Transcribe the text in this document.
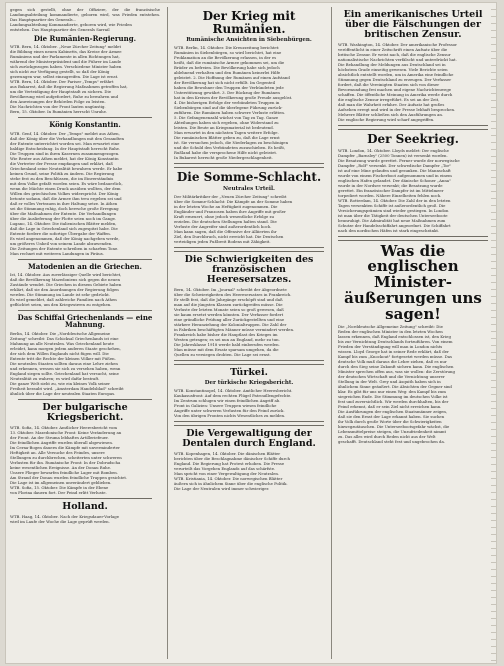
gegen sich gestellt, ohne der Offiziere, der die französische Landungsabteilung kommandierte, geboren wird, was Frieden entstehen. Das Hauptquartier des Generals...

Landungsabteilung Kommandierte, geboren wird, wie Frieden
entstehen. Das Hauptquartier des Generals Sarrail
Die Rumänien-Regierung.
WTB. Bern, 14. Oktober. „Neue Zürcher Zeitung" meldet
die Bildung eines neuen Kabinetts, das Kreise der Armee
Rumäniens und der Parlamente in allen Richtungen hat,
während der Ministerpräsident und die Führer im Lande
sich zurückgezogen haben. Verschiedene Minister haben
sich nicht zur Verfügung gestellt, so daß der König
gezwungen war, selbst einzugreifen. Die Lage ist ernst.
WTB. Bern, 14. Oktober. Der Pariser „Temps" erfährt
aus Bukarest, daß die Regierung Maßnahmen getroffen hat,
um die Verteidigung der Hauptstadt zu sichern. Die
Bevölkerung wird aufgefordert, Ruhe zu bewahren und
den Anweisungen der Behörden Folge zu leisten.
Die Nachrichten von der Front lauten ungünstig.
Bern, 15. Oktober. In Rumänien herrscht Unruhe.
König Konstantin.
WTB. Genf, 14. Oktober. Der „Temps" meldet aus Athen,
daß der König über die Verhandlungen mit den Gesandten
der Entente unterrichtet worden sei. Man erwartet eine
baldige Entscheidung. In der Hauptstadt herrscht Ruhe.
Die Truppen sind in ihren Kasernen zusammengezogen.
Wie Reuter aus Athen meldet, hat der König Konstantin
die Vertreter der Presse empfangen und erklärt, daß
Griechenland seine Neutralität bewahren werde. Er habe
keinen Grund, seine Politik zu ändern. Die Regierung
stehe fest zu den Beschlüssen, die im Einverständnis
mit dem Volke gefaßt worden seien. Es wäre bedauerlich,
wenn die Mächte einen Druck ausüben wollten, der dem
Willen des griechischen Volkes widerspricht. Der König
betonte sodann, daß die Armee ihm treu ergeben sei und
daß er volles Vertrauen in ihre Haltung setze. In Athen
sei die Stimmung ruhig, doch herrsche große Erregung
über die Maßnahmen der Entente. Die Verhandlungen
über die Auslieferung der Flotte seien noch im Gange.
Lugano, 14. Oktober. Die italienischen Blätter melden,
daß die Lage in Griechenland sich zugespitzt habe. Die
Entente fordere die sofortige Übergabe der Waffen.
Es wird angenommen, daß der König nachgeben werde,
um größeres Unheil von seinem Lande abzuwenden.
Die Zeitungen der Entente schreiben in scharfem Tone.
Man rechnet mit weiteren Landungen in Piräus.
Matodenien an die Griechen.
Ist, 14. Oktober. Aus zuverlässiger Quelle wird berichtet,
daß die Bevölkerung Mazedoniens sich gegen die neuen
Zustände wendet. Die Griechen in diesem Gebiete haben
erklärt, daß sie den Anordnungen der Regierung folgen
werden. Die Stimmung im Lande ist sehr gedrückt.
Es wird gemeldet, daß zahlreiche Familien nach Athen
geflüchtet seien, um den Kriegswirren zu entgehen.
Das Schiffal Griechenlands — eine Mahnung.
Berlin, 14. Oktober. Die „Norddeutsche Allgemeine
Zeitung" schreibt: Das Schicksal Griechenlands ist eine
Mahnung an alle Neutralen. Was Griechenland heute
erleidet, kann morgen jedem anderen Staate geschehen,
der sich dem Willen Englands nicht fügen will. Die
Entente tritt die Rechte der kleinen Völker mit Füßen.
Die neutralen Staaten sollten daraus eine Lehre ziehen
und erkennen, wessen sie sich zu versehen haben, wenn
England siegen sollte. Griechenland hat versucht, seine
Neutralität zu wahren; es wird dafür bestraft.
Die ganze Welt sieht zu, wie ein kleines Volk seiner
Freiheit beraubt wird. „Amsterdam Handelsblad" schreibt
ähnlich über die Lage der neutralen Staaten Europas.
Der bulgarische Kriegsbericht.
WTB. Sofia, 14. Oktober. Amtlicher Heeresbericht vom
13. Oktober. Mazedonische Front: Keine Veränderung an
der Front. An der Struma lebhaftes Artilleriefeuer.
Die feindlichen Angriffe wurden überall abgewiesen.
Im Cerna-Bogen dauern die Kämpfe mit unverminderter
Heftigkeit an. Alle Versuche des Feindes, unsere
Stellungen zu durchbrechen, scheiterten unter schweren
Verlusten für ihn. Rumänische Front: In der Dobrudscha
keine wesentlichen Ereignisse. An der Donau Ruhe.
Unsere Flieger bewarfen feindliche Lager mit Bomben.
Am Strand der Donau wurden feindliche Truppen gesichtet.
Die Lage ist im allgemeinen unverändert geblieben.
WTB. Sofia, 15. Oktober. Die Kämpfe in der Ebene
von Florina dauern fort. Der Feind erlitt Verluste.
Holland.
WTB. Haag, 14. Oktober. Nach der Kriegsdauer-Vorlage
wird im Laufe der Woche die Lage geprüft werden.
Der Krieg mit Rumänien.
Rumänische Ansichten in Siebenbürgen.
WTB. Berlin, 14. Oktober. Die Kreuzzeitung berichtet:
Rumänien in Siebenbürgen, so wird berichtet, hat eine
Proklamation an die Bevölkerung erlassen, in der es
heißt, daß die rumänische Armee gekommen sei, um die
Brüder zu befreien. Die Bevölkerung habe sich jedoch
ablehnend verhalten und den Rumänen keinerlei Hilfe
geleistet. 2. Die Hoffnung der Rumänen auf einen Aufstand
der Bevölkerung hat sich nicht erfüllt. Im Gegenteil
haben die Bewohner den Truppen der Verbündeten jede
Unterstützung gewährt. 3. Der Rückzug der Rumänen
hat in den Kreisen der Bevölkerung große Freude ausgelöst.
4. Die bisherigen Erfolge der verbündeten Truppen in
Siebenbürgen sind auf die überlegene Führung zurück-
zuführen. Die Rumänen haben schwere Verluste erlitten.
5. Die Gefangenenzahl wächst von Tag zu Tag. Ganze
Abteilungen haben sich ergeben, ohne Widerstand zu
leisten. Die Beute an Kriegsmaterial ist bedeutend.
Man erwartet in den nächsten Tagen weitere Erfolge.
Die rumänischen Blätter geben zu, daß die Lage ernst
ist. Sie versuchen jedoch, die Niederlagen zu beschönigen
und die Schuld den Verbündeten zuzuschieben. Es heißt,
Rußland habe die versprochene Hilfe nicht geleistet.
In Bukarest herrscht große Niedergeschlagenheit.
Die Somme-Schlacht.
Neutrales Urteil.
Der Militärkritiker der „Neuen Zürcher Zeitung" schreibt
über die Somme-Schlacht: Die Kämpfe an der Somme haben
in der letzten Woche an Heftigkeit zugenommen. Die
Engländer und Franzosen haben ihre Angriffe mit großer
Kraft erneuert, ohne jedoch wesentliche Erfolge zu
erzielen. Die deutschen Stellungen halten stand. Die
Verluste der Angreifer sind außerordentlich hoch.
Man kann sagen, daß die Offensive der Alliierten ihr
Ziel, den Durchbruch, nicht erreicht hat. Die Deutschen
verteidigen jeden Fußbreit Bodens mit Zähigkeit.
Die Schwierigkeiten des französischen Heeresersatzes.
Bern, 14. Oktober. Im „Journal" schreibt der Abgeordnete
über die Schwierigkeiten des Heeresersatzes in Frankreich.
Er stellt fest, daß die Jahrgänge erschöpft sind und daß
man auf die jüngsten Klassen zurückgreifen müsse. Die
Verluste der letzten Monate seien so groß gewesen, daß
sie kaum ersetzt werden könnten. Der Verfasser fordert
eine gründliche Prüfung aller Zurückgestellten und eine
stärkere Heranziehung der Kolonialtruppen. Die Zahl der
in Fabriken beschäftigten Männer müsse vermindert werden.
Frankreich habe bisher die Hauptlast des Krieges im
Westen getragen; es sei nun an England, mehr zu tun.
Die Jahresklasse 1918 werde bald einberufen werden.
Man müsse mit dem Ersatz sparsam umgehen, da die
Quellen zu versiegen drohten. Die Lage sei ernst.
Türkei.
Der türkische Kriegsbericht.
WTB. Konstantinopel, 14. Oktober. Amtlicher Heeresbericht.
Kaukasusfront: Auf dem rechten Flügel Patrouillengefechte.
Im Zentrum schlugen wir einen feindlichen Angriff ab.
Front in Galizien: Unsere Truppen wiesen feindliche
Angriffe unter schweren Verlusten für den Feind zurück.
Von den übrigen Fronten nichts Wesentliches zu melden.
Die Vergewaltigung der Dentalen durch England.
WTB. Kopenhagen, 14. Oktober. Die dänischen Blätter
berichten über die Beschlagnahme dänischer Schiffe durch
England. Die Regierung hat Protest erhoben. Die Presse
verurteilt das Vorgehen Englands auf das schärfste.
Man spricht von einer Vergewaltigung der Neutralen.
WTB. Kristiania, 14. Oktober. Die norwegischen Blätter
äußern sich in ähnlichem Sinne über die englische Politik.
Die Lage der Neutralen wird immer schwieriger.
Ein amerikanisches Urteil über die Fälschungen der britischen Zensur.
WTB. Washington, 14. Oktober. Der amerikanische Professor
veröffentlicht in einer Zeitschrift einen Aufsatz über die
britische Zensur. Er weist nach, daß die englische Zensur
nationalistische Nachrichten verfälscht und unterdrückt hat.
Die Behandlung der Meldungen aus Deutschland sei in
höchstem Grade einseitig gewesen. Viele Berichte seien
absichtlich entstellt worden, um in Amerika eine feindliche
Stimmung gegen Deutschland zu erzeugen. Der Verfasser
fordert, daß die Vereinigten Staaten sich von dieser
Bevormundung frei machen und eigene Nachrichtenwege
schaffen. Die öffentliche Meinung in Amerika werde durch
die englische Zensur irregeführt. Es sei an der Zeit,
daß man die Wahrheit erfahre. Der Aufsatz hat großes
Aufsehen erregt und wird in der Presse lebhaft besprochen.
Mehrere Blätter schließen sich den Ausführungen an.
Die englische Regierung wird scharf angegriffen.
Der Seekrieg.
WTB. London, 14. Oktober. Lloyds meldet: Der englische
Dampfer „Barnsley" (2500 Tonnen) ist versenkt worden.
Die Besatzung wurde gerettet. Ferner wurde der norwegische
Dampfer „Rolf" versenkt. Der schwedische Dampfer „Tor"
ist auf eine Mine gelaufen und gesunken. Die Mannschaft
wurde von einem Fischerboot aufgenommen und in einem
englischen Hafen gelandet. Der dänische Schoner „Anna"
wurde in der Nordsee versenkt; die Besatzung wurde
gerettet. Ein französischer Dampfer ist im Mittelmeer
torpediert worden. Nähere Einzelheiten fehlen noch.
WTB. Rotterdam, 14. Oktober. Die Zahl der in den letzten
Tagen versenkten Schiffe ist außerordentlich groß. Die
Versicherungsprämien sind wieder gestiegen. In London
ist man über die Tätigkeit der deutschen Unterseeboote
beunruhigt. Die Admiralität hat neue Maßnahmen zum
Schutze der Handelsschiffahrt angeordnet. Die Schiffahrt
nach den nordischen Häfen ist stark eingeschränkt.
Was die englischen Minister-äußerungen uns sagen!
Die „Norddeutsche Allgemeine Zeitung" schreibt: Die
Reden der englischen Minister in den letzten Wochen
lassen erkennen, daß England entschlossen ist, den Krieg
bis zur Vernichtung Deutschlands fortzuführen. Von einem
Frieden der Verständigung will man in London nichts
wissen. Lloyd George hat in seiner Rede erklärt, daß der
Kampf bis zum „Knockout" fortgesetzt werden müsse. Das
deutsche Volk muß daraus die Lehre ziehen, daß es nur
durch den Sieg seine Zukunft sichern kann. Die englischen
Minister sprechen offen aus, was sie wollen: die Zerstörung
der deutschen Wirtschaft und die Vernichtung unserer
Stellung in der Welt. Grey und Asquith haben sich in
ähnlichem Sinne geäußert. Die Absichten der Gegner sind
klar. Es gibt für uns nur einen Weg: den Kampf bis zum
siegreichen Ende. Die Stimmung im deutschen Volke ist
fest und zuversichtlich. Wir werden durchhalten, bis der
Feind erkennt, daß er sein Ziel nicht erreichen kann.
Die Ausführungen der englischen Staatsmänner zeigen,
daß sie den Ernst der Lage erkannt haben. Sie suchen
ihr Volk durch große Worte über die Schwierigkeiten
hinwegzutäuschen. Die Unterseebootsgefahr wächst, die
Lebensmittelpreise steigen, die Unzufriedenheit nimmt
zu. Das alles wird durch Reden nicht aus der Welt
geschafft. Deutschland steht fest und ungebrochen da.
